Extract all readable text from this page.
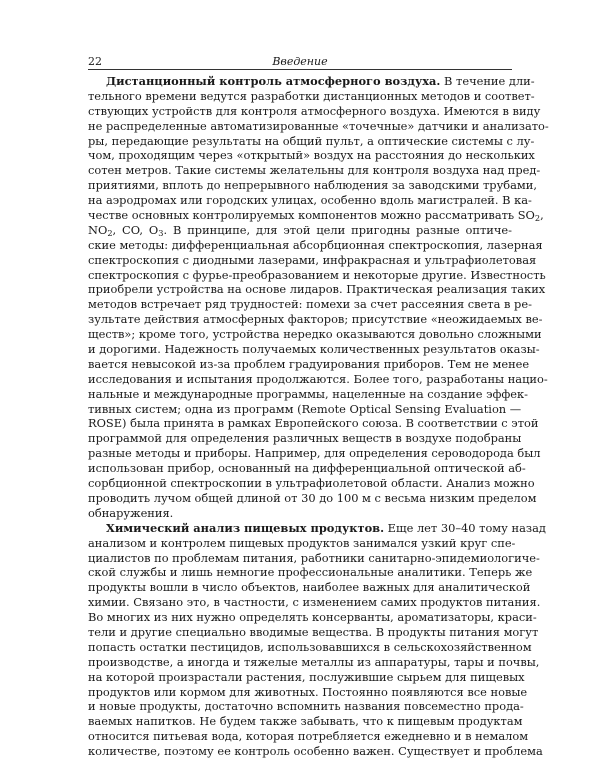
22	Введение
Дистанционный контроль атмосферного воздуха. В течение дли-
тельного времени ведутся разработки дистанционных методов и соответ-
ствующих устройств для контроля атмосферного воздуха. Имеются в виду
не распределенные автоматизированные «точечные» датчики и анализато-
ры, передающие результаты на общий пульт, а оптические системы с лу-
чом, проходящим через «открытый» воздух на расстояния до нескольких
сотен метров. Такие системы желательны для контроля воздуха над пред-
приятиями, вплоть до непрерывного наблюдения за заводскими трубами,
на аэродромах или городских улицах, особенно вдоль магистралей. В ка-
честве основных контролируемых компонентов можно рассматривать $SO_2$,
$NO_2$, CO, $O_3$. В принципе, для этой цели пригодны разные оптиче-
ские методы: дифференциальная абсорбционная спектроскопия, лазерная
спектроскопия с диодными лазерами, инфракрасная и ультрафиолетовая
спектроскопия с фурье-преобразованием и некоторые другие. Известность
приобрели устройства на основе лидаров. Практическая реализация таких
методов встречает ряд трудностей: помехи за счет рассеяния света в ре-
зультате действия атмосферных факторов; присутствие «неожидаемых ве-
ществ»; кроме того, устройства нередко оказываются довольно сложными
и дорогими. Надежность получаемых количественных результатов оказы-
вается невысокой из-за проблем градуирования приборов. Тем не менее
исследования и испытания продолжаются. Более того, разработаны нацио-
нальные и международные программы, нацеленные на создание эффек-
тивных систем; одна из программ (Remote Optical Sensing Evaluation —
ROSE) была принята в рамках Европейского союза. В соответствии с этой
программой для определения различных веществ в воздухе подобраны
разные методы и приборы. Например, для определения сероводорода был
использован прибор, основанный на дифференциальной оптической аб-
сорбционной спектроскопии в ультрафиолетовой области. Анализ можно
проводить лучом общей длиной от 30 до 100 м с весьма низким пределом
обнаружения.
Химический анализ пищевых продуктов. Еще лет 30–40 тому назад
анализом и контролем пищевых продуктов занимался узкий круг спе-
циалистов по проблемам питания, работники санитарно-эпидемиологиче-
ской службы и лишь немногие профессиональные аналитики. Теперь же
продукты вошли в число объектов, наиболее важных для аналитической
химии. Связано это, в частности, с изменением самих продуктов питания.
Во многих из них нужно определять консерванты, ароматизаторы, краси-
тели и другие специально вводимые вещества. В продукты питания могут
попасть остатки пестицидов, использовавшихся в сельскохозяйственном
производстве, а иногда и тяжелые металлы из аппаратуры, тары и почвы,
на которой произрастали растения, послужившие сырьем для пищевых
продуктов или кормом для животных. Постоянно появляются все новые
и новые продукты, достаточно вспомнить названия повсеместно прода-
ваемых напитков. Не будем также забывать, что к пищевым продуктам
относится питьевая вода, которая потребляется ежедневно и в немалом
количестве, поэтому ее контроль особенно важен. Существует и проблема
